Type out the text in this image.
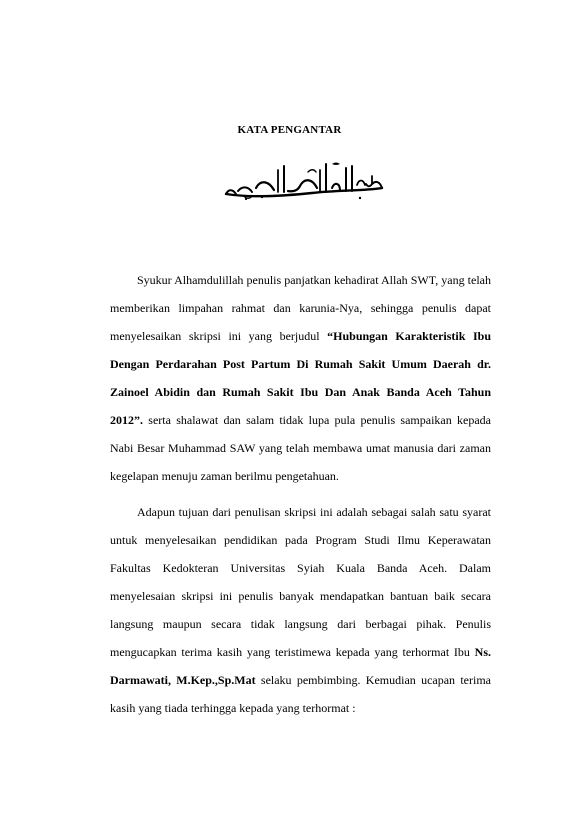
KATA PENGANTAR

Syukur Alhamdulillah penulis panjatkan kehadirat Allah SWT, yang telah memberikan limpahan rahmat dan karunia-Nya, sehingga penulis dapat menyelesaikan skripsi ini yang berjudul “Hubungan Karakteristik Ibu Dengan Perdarahan Post Partum Di Rumah Sakit Umum Daerah dr. Zainoel Abidin dan Rumah Sakit Ibu Dan Anak Banda Aceh Tahun 2012”. serta shalawat dan salam tidak lupa pula penulis sampaikan kepada Nabi Besar Muhammad SAW yang telah membawa umat manusia dari zaman kegelapan menuju zaman berilmu pengetahuan.

Adapun tujuan dari penulisan skripsi ini adalah sebagai salah satu syarat untuk menyelesaikan pendidikan pada Program Studi Ilmu Keperawatan Fakultas Kedokteran Universitas Syiah Kuala Banda Aceh. Dalam menyelesaian skripsi ini penulis banyak mendapatkan bantuan baik secara langsung maupun secara tidak langsung dari berbagai pihak. Penulis mengucapkan terima kasih yang teristimewa kepada yang terhormat Ibu Ns. Darmawati, M.Kep.,Sp.Mat selaku pembimbing. Kemudian ucapan terima kasih yang tiada terhingga kepada yang terhormat :
